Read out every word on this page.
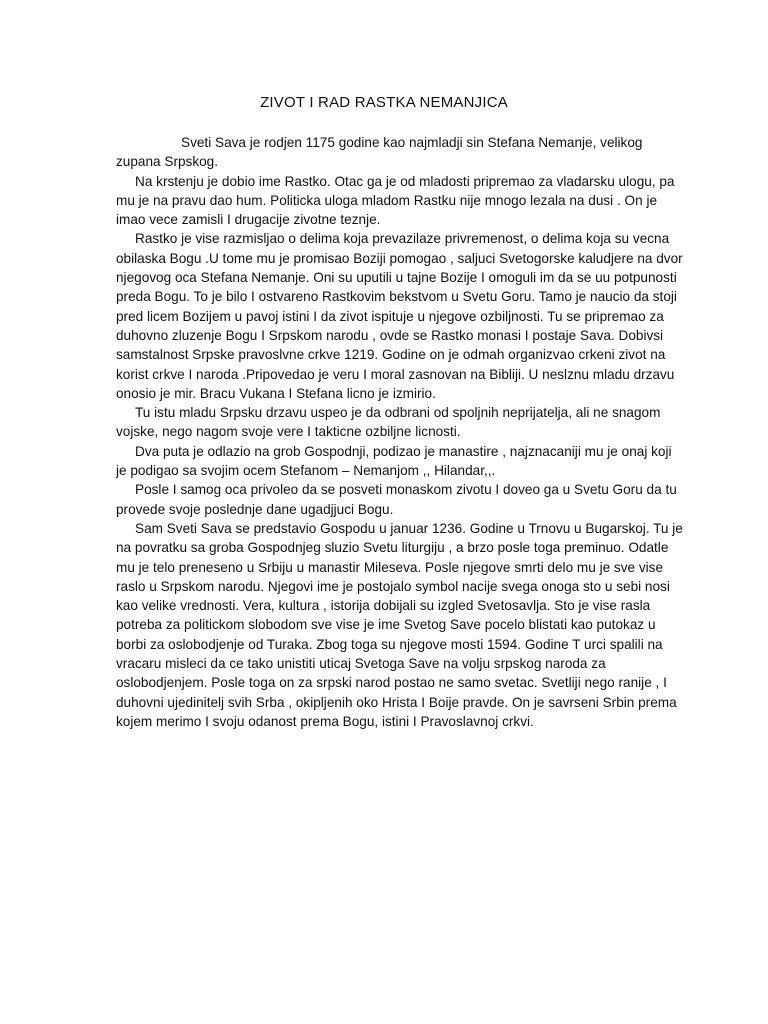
ZIVOT I RAD RASTKA NEMANJICA

Sveti Sava je rodjen 1175 godine kao najmladji sin Stefana Nemanje, velikog zupana Srpskog.

Na krstenju je dobio ime Rastko. Otac ga je od mladosti pripremao za vladarsku ulogu, pa mu je na pravu dao hum. Politicka uloga mladom Rastku nije mnogo lezala na dusi . On je imao vece zamisli I drugacije zivotne teznje.

Rastko je vise razmisljao o delima koja prevazilaze privremenost, o delima koja su vecna obilaska Bogu .U tome mu je promisao Boziji pomogao , saljuci Svetogorske kaludjere na dvor njegovog oca Stefana Nemanje. Oni su uputili u tajne Bozije I omoguli im da se uu potpunosti preda Bogu. To je bilo I ostvareno Rastkovim bekstvom u Svetu Goru. Tamo je naucio da stoji pred licem Bozijem u pavoj istini I da zivot ispituje u njegove ozbiljnosti. Tu se pripremao za duhovno zluzenje Bogu I Srpskom narodu , ovde se Rastko monasi I postaje Sava. Dobivsi samstalnost Srpske pravoslvne crkve 1219. Godine on je odmah organizvao crkeni zivot na korist crkve I naroda .Pripovedao je veru I moral zasnovan na Bibliji. U neslznu mladu drzavu onosio je mir. Bracu Vukana I Stefana licno je izmirio.

Tu istu mladu Srpsku drzavu uspeo je da odbrani od spoljnih neprijatelja, ali ne snagom vojske, nego nagom svoje vere I takticne ozbiljne licnosti.

Dva puta je odlazio na grob Gospodnji, podizao je manastire , najznacaniji mu je onaj koji je podigao sa svojim ocem Stefanom – Nemanjom ,, Hilandar,,.

Posle I samog oca privoleo da se posveti monaskom zivotu I doveo ga u Svetu Goru da tu provede svoje poslednje dane ugadjjuci Bogu.

Sam Sveti Sava se predstavio Gospodu u januar 1236. Godine u Trnovu u Bugarskoj. Tu je na povratku sa groba Gospodnjeg sluzio Svetu liturgiju , a brzo posle toga preminuo. Odatle mu je telo preneseno u Srbiju u manastir Mileseva. Posle njegove smrti delo mu je sve vise raslo u Srpskom narodu. Njegovi ime je postojalo symbol nacije svega onoga sto u sebi nosi kao velike vrednosti. Vera, kultura , istorija dobijali su izgled Svetosavlja. Sto je vise rasla potreba za politickom slobodom sve vise je ime Svetog Save pocelo blistati kao putokaz u borbi za oslobodjenje od Turaka. Zbog toga su njegove mosti 1594. Godine T urci spalili na vracaru misleci da ce tako unistiti uticaj Svetoga Save na volju srpskog naroda za oslobodjenjem. Posle toga on za srpski narod postao ne samo svetac. Svetliji nego ranije , I duhovni ujedinitelj svih Srba , okipljenih oko Hrista I Boije pravde. On je savrseni Srbin prema kojem merimo I svoju odanost prema Bogu, istini I Pravoslavnoj crkvi.
